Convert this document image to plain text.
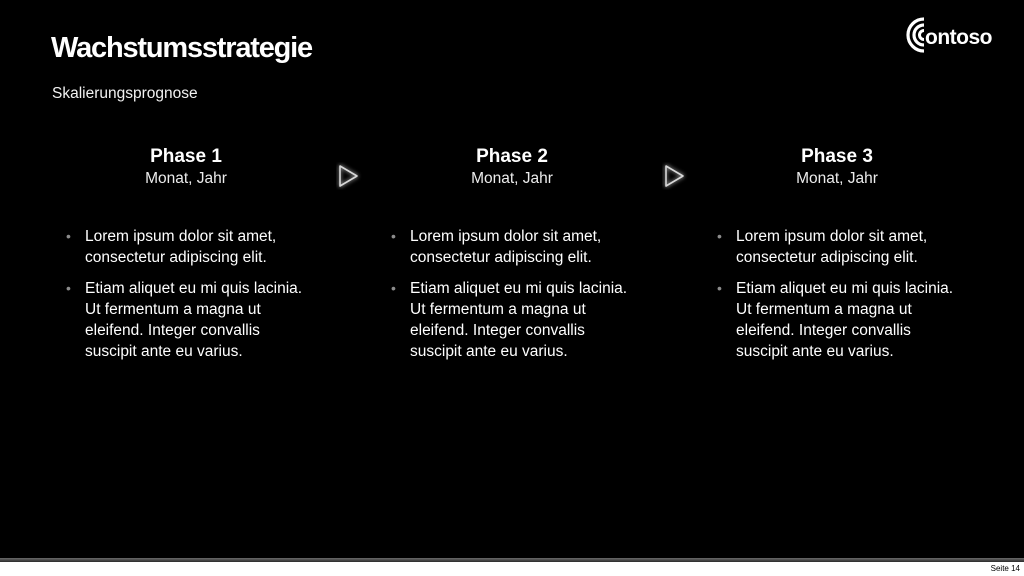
Wachstumsstrategie
Skalierungsprognose
ontoso
Phase 1
Monat, Jahr
Phase 2
Monat, Jahr
Phase 3
Monat, Jahr
• Lorem ipsum dolor sit amet, consectetur adipiscing elit.
• Etiam aliquet eu mi quis lacinia. Ut fermentum a magna ut eleifend. Integer convallis suscipit ante eu varius.
• Lorem ipsum dolor sit amet, consectetur adipiscing elit.
• Etiam aliquet eu mi quis lacinia. Ut fermentum a magna ut eleifend. Integer convallis suscipit ante eu varius.
• Lorem ipsum dolor sit amet, consectetur adipiscing elit.
• Etiam aliquet eu mi quis lacinia. Ut fermentum a magna ut eleifend. Integer convallis suscipit ante eu varius.
Seite 14
